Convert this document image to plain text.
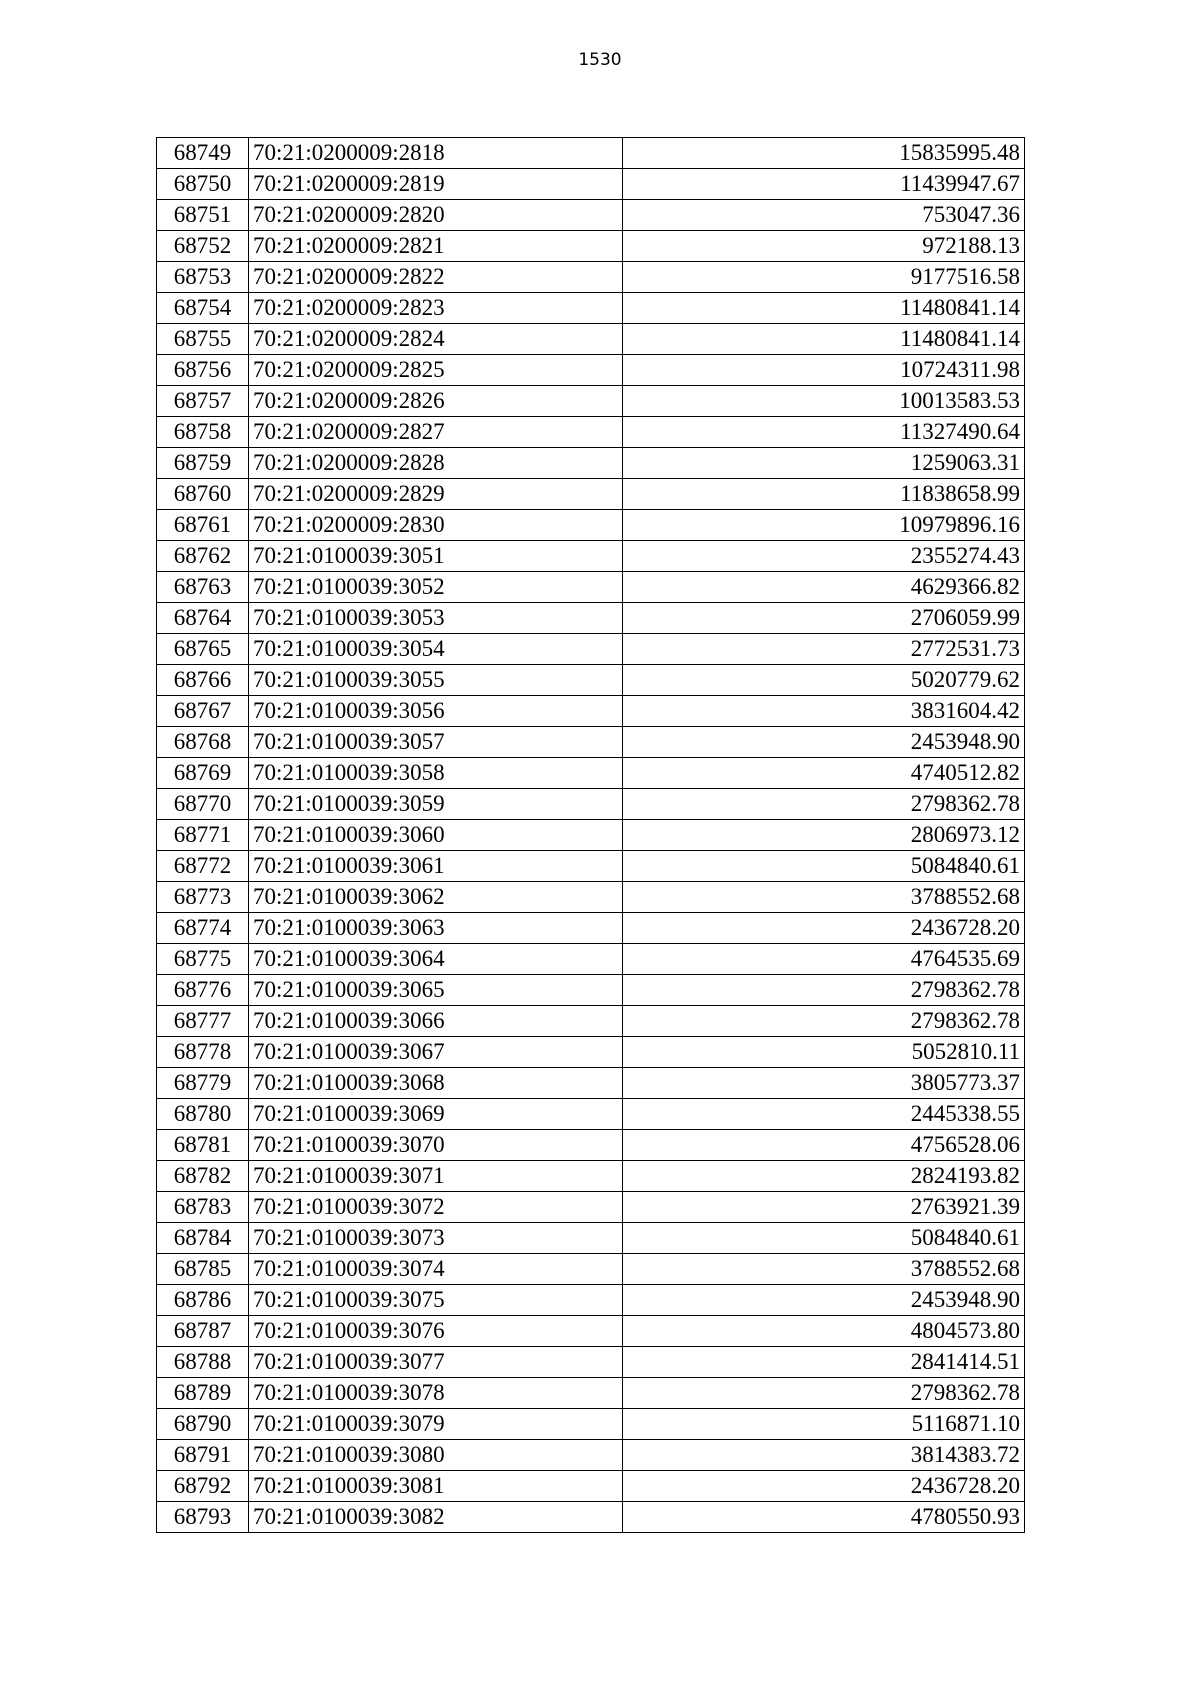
1530
68749	70:21:0200009:2818	15835995.48
68750	70:21:0200009:2819	11439947.67
68751	70:21:0200009:2820	753047.36
68752	70:21:0200009:2821	972188.13
68753	70:21:0200009:2822	9177516.58
68754	70:21:0200009:2823	11480841.14
68755	70:21:0200009:2824	11480841.14
68756	70:21:0200009:2825	10724311.98
68757	70:21:0200009:2826	10013583.53
68758	70:21:0200009:2827	11327490.64
68759	70:21:0200009:2828	1259063.31
68760	70:21:0200009:2829	11838658.99
68761	70:21:0200009:2830	10979896.16
68762	70:21:0100039:3051	2355274.43
68763	70:21:0100039:3052	4629366.82
68764	70:21:0100039:3053	2706059.99
68765	70:21:0100039:3054	2772531.73
68766	70:21:0100039:3055	5020779.62
68767	70:21:0100039:3056	3831604.42
68768	70:21:0100039:3057	2453948.90
68769	70:21:0100039:3058	4740512.82
68770	70:21:0100039:3059	2798362.78
68771	70:21:0100039:3060	2806973.12
68772	70:21:0100039:3061	5084840.61
68773	70:21:0100039:3062	3788552.68
68774	70:21:0100039:3063	2436728.20
68775	70:21:0100039:3064	4764535.69
68776	70:21:0100039:3065	2798362.78
68777	70:21:0100039:3066	2798362.78
68778	70:21:0100039:3067	5052810.11
68779	70:21:0100039:3068	3805773.37
68780	70:21:0100039:3069	2445338.55
68781	70:21:0100039:3070	4756528.06
68782	70:21:0100039:3071	2824193.82
68783	70:21:0100039:3072	2763921.39
68784	70:21:0100039:3073	5084840.61
68785	70:21:0100039:3074	3788552.68
68786	70:21:0100039:3075	2453948.90
68787	70:21:0100039:3076	4804573.80
68788	70:21:0100039:3077	2841414.51
68789	70:21:0100039:3078	2798362.78
68790	70:21:0100039:3079	5116871.10
68791	70:21:0100039:3080	3814383.72
68792	70:21:0100039:3081	2436728.20
68793	70:21:0100039:3082	4780550.93
